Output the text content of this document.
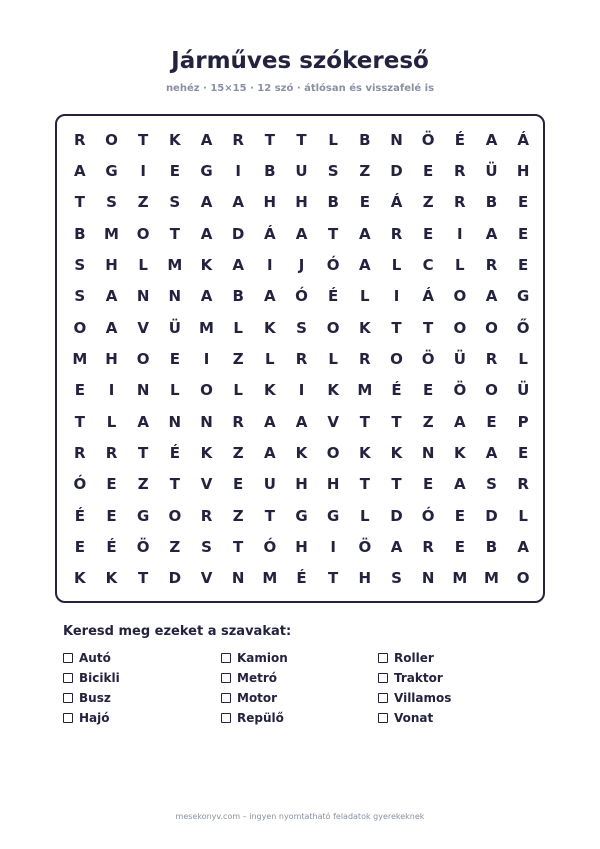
Járműves szókereső
nehéz · 15×15 · 12 szó · átlósan és visszafelé is
R	O	T	K	A	R	T	T	L	B	N	Ö	É	A	Á
A	G	I	E	G	I	B	U	S	Z	D	E	R	Ü	H
T	S	Z	S	A	A	H	H	B	E	Á	Z	R	B	E
B	M	O	T	A	D	Á	A	T	A	R	E	I	A	E
S	H	L	M	K	A	I	J	Ó	A	L	C	L	R	E
S	A	N	N	A	B	A	Ó	É	L	I	Á	O	A	G
O	A	V	Ü	M	L	K	S	O	K	T	T	O	O	Ő
M	H	O	E	I	Z	L	R	L	R	O	Ö	Ü	R	L
E	I	N	L	O	L	K	I	K	M	É	E	Ö	O	Ü
T	L	A	N	N	R	A	A	V	T	T	Z	A	E	P
R	R	T	É	K	Z	A	K	O	K	K	N	K	A	E
Ó	E	Z	T	V	E	U	H	H	T	T	E	A	S	R
É	E	G	O	R	Z	T	G	G	L	D	Ó	E	D	L
E	É	Ö	Z	S	T	Ó	H	I	Ö	A	R	E	B	A
K	K	T	D	V	N	M	É	T	H	S	N	M	M	O
Keresd meg ezeket a szavakat:
Autó	Kamion	Roller
Bicikli	Metró	Traktor
Busz	Motor	Villamos
Hajó	Repülő	Vonat
mesekonyv.com – ingyen nyomtatható feladatok gyerekeknek
